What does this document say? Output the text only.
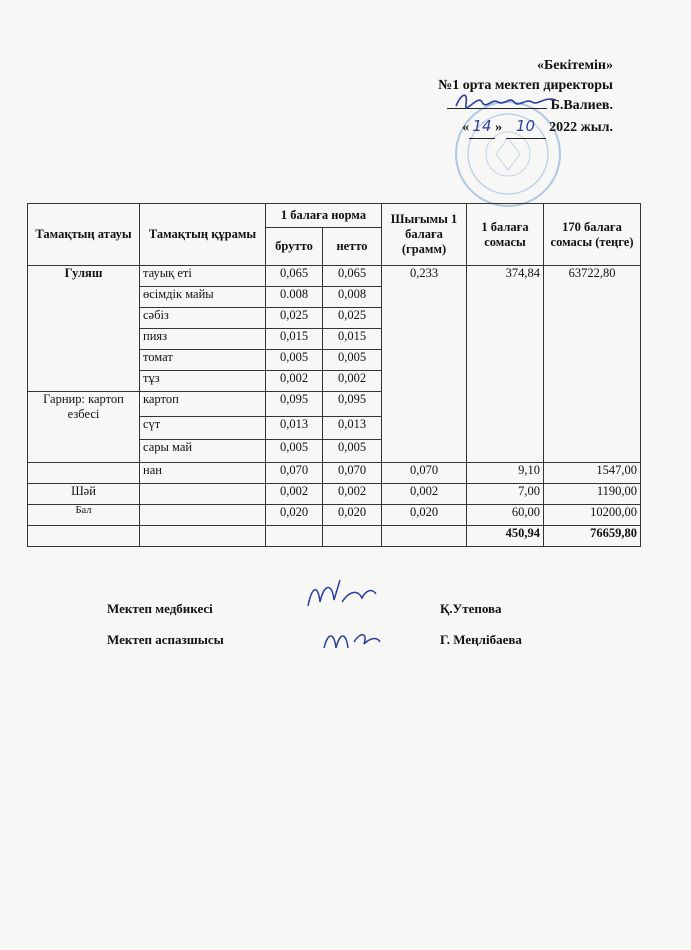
«Бекітемін»
№1 орта мектеп директоры
Б.Валиев.
« 14 » 10 2022 жыл.
Тамақтың атауы	Тамақтың құрамы	1 балаға норма		Шығымы 1 балаға (грамм)	1 балаға сомасы	170 балаға сомасы (теңге)
		брутто	нетто			
Гуляш	тауық еті	0,065	0,065	0,233	374,84	63722,80
	өсімдік майы	0.008	0,008			
	сәбіз	0,025	0,025			
	пияз	0,015	0,015			
	томат	0,005	0,005			
	тұз	0,002	0,002			
Гарнир: картоп езбесі	картоп	0,095	0,095			
	сүт	0,013	0,013			
	сары май	0,005	0,005			
	нан	0,070	0,070	0,070	9,10	1547,00
Шәй		0,002	0,002	0,002	7,00	1190,00
Бал		0,020	0,020	0,020	60,00	10200,00
					450,94	76659,80
Мектеп медбикесі	Қ.Утепова
Мектеп аспазшысы	Г. Меңлібаева
